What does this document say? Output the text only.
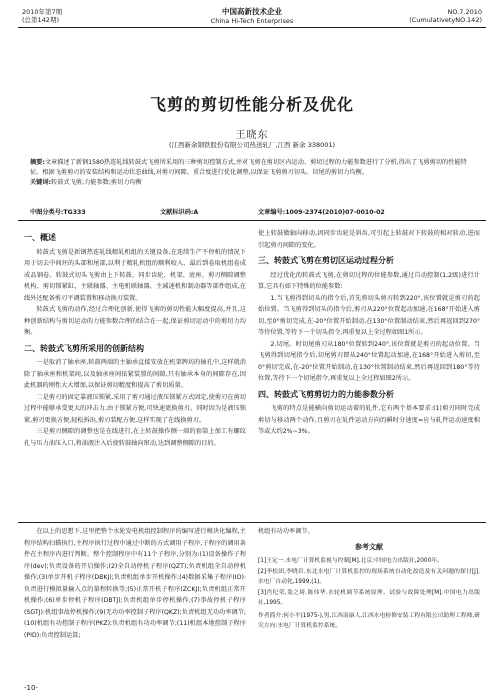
2010年第7期
(总第142期)
中国高新技术企业
China Hi-Tech Enterprises
NO.7.2010
(CumulativetyNO.142)
飞剪的剪切性能分析及优化
王晓东
(江西新余钢铁股份有限公司热送轧厂,江西 新余 338001)
摘要:文章描述了新钢1580热连轧线转鼓式飞剪所采用的三种剪切控制方式,并对飞剪在剪切区内运动、剪切过程的力能参数进行了分析,得出了飞剪剪切的性能特征。根据飞剪剪刃的安装结构和运动状态曲线,对剪刃间隙、重合度进行优化调整,以保证飞剪剪刃切头、切尾的剪切力均衡。
关键词:转鼓式飞剪;力能参数;剪切力均衡
中图分类号:TG333	文献标识码:A	文章编号:1009-2374(2010)07-0010-02
一、概述

转鼓式飞剪是新钢热连轧线精轧机组的关键设备,在连续生产不停机的情况下用于切去中间坯的头部和尾部,以利于精轧机组的顺利咬入、最后到卷取机组卷成成品钢卷。转鼓式切头飞剪由上下转鼓、同步齿轮、机架、底座、剪刃侧隙调整机构、剪切锁紧缸、主联轴器、主电机联轴器、主减速机和制动器等部件组成,在线外还配备剪刃平调装置和移动换刃装置。

转鼓式飞剪的动作,经过合理化创新,使得飞剪的剪切性能大幅度提高,并且,这种创新结构与剪切运动的力能参数合理的结合在一起,保证剪切运动中的剪切力均衡。

二、转鼓式飞剪所采用的创新结构

一是取消了轴承座,转鼓两端的主轴承直接安放在机架牌坊的轴孔中,这样就消除了轴承座和机架间,以及轴承座间依紧装置的间隙,只有轴承本身的间隙存在,因此机器的刚性大大增加,以保证剪切精度和提高了剪切质量。

二是剪刃的固定靠液压锁紧,采用了剪刃通过液压锁紧方式固定,使剪刃在剪切过程中能够承受更大的冲击力,由于锁紧方便,可快速更换剪刃。同时因为是液压锁紧,剪刃更换方便,轻松拆出,剪刃装配方便,这样实现了在线换剪刃。

三是剪刃侧隙的调整也是在线进行,在上转鼓操作侧一端的套筒上加工有螺纹孔与压力油压入口,将油液注入后使转鼓轴向窜动,达到调整侧隙的目的。

使上转鼓做轴向移动,因同步齿轮是斜齿,可引起上转鼓对下转鼓的相对转动,进而引起剪刃间隙的变化。

三、转鼓式飞剪在剪切区运动过程分析

经过优化的转鼓式飞剪,在剪切过程的位能参数,通过自动控制(1,2级)进行计算,它具有如下特殊的位能参数:

1.当飞剪得到切头的指令后,首先将切头剪刃转到220°,该位置就是剪刃的起始位置。当飞剪得到切头的指令后,剪刃从220°位置起动加速,在168°开始进入剪切,至0°剪切完成,在-20°位置开始制动,在130°位置制动结束,然后再返回到270°等待位置,等待下一个切头指令,再重复以上全过程如图1所示。

2.切尾。时切尾剪刃从180°位置转到240°,该位置就是剪刃的起动位置。当飞剪得到切尾指令后,切尾剪刃即从240°位置起动加速,在168°开始进入剪切,至0°剪切完成,在-20°位置开始制动,在130°位置制动结束,然后再返回到180°等待位置,等待下一个切尾指令,再重复以上全过程如图2所示。

四、转鼓式飞剪剪切力的力能参数分析

飞剪的特点是能横向剪切运动着的轧件,它有两个基本要求:(1)剪刃同时完成剪切与移动两个动作,且剪刃在轧件运动方向的瞬时分速度=应与轧件运动速度相等或大约2%~3%。

在以上的思想下,这里把整个水轮发电机组控制程序的编写进行模块化编程,主程序结构扫描执行,主程序执行过程中通过中断的方式调用子程序,子程序的调用条件在主程序内进行判断。整个控制程序中有11个子程序,分别为:(1)设备操作子程序(dev);负责设备的开启操作;(2)全自动停机子程序(QZT);负责机组全自动停机操作;(3)单步开机子程序(DBKJ);负责机组单步开机操作;(4)数据采集子程序(IO):负责进行模拟量输入点的量程转换等;(5)正常开机子程序(ZCKJ);负责机组正常开机操作;(6)单步停机子程序(DBTJ);负责机组单步停机操作;(7)事故停机子程序(SGTJ):机组事故停机操作;(9)无功功率控制子程序(QKZ);负责机组无功功率调节;(10)机组有功控制子程序(PKZ);负责机组有功功率调节;(11)机组本地控制子程序(PID):负责控制运算;

机组有功功率调节。

参考文献

[1]王定一.水电厂计算机监视与控制[M].北京:中国电力出版社,2000年。

[2]李松团,李晓岩.东北水电厂计算机监控的现场系统自动化改造及有关问题的探讨[J].水电厂自动化,1999,(1)。

[3]肖纪荣,娄之琦.陈伟华.水轮机调节系统原理、试验与故障处理[M].中国电力出版社,1995。

作者简介:何小平(1975-),男,江西南康人,江西水电检修安装工程有限公司助理工程师,研究方向:水电厂计算机监控系统。

-10-
